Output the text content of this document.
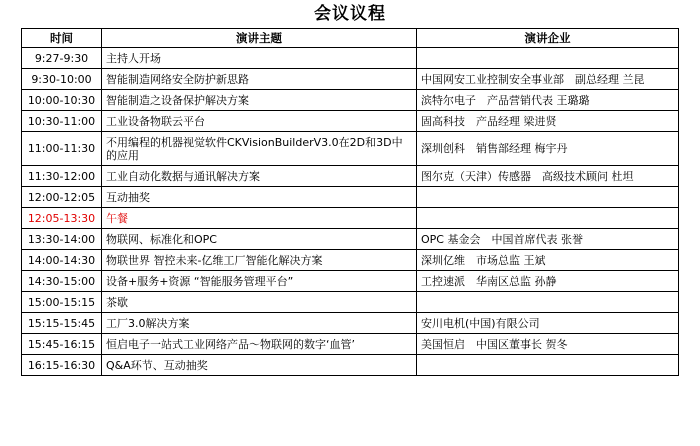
会议议程
时间	演讲主题	演讲企业
9:27-9:30	主持人开场	
9:30-10:00	智能制造网络安全防护新思路	中国网安工业控制安全事业部　副总经理 兰昆
10:00-10:30	智能制造之设备保护解决方案	滨特尔电子　产品营销代表 王璐璐
10:30-11:00	工业设备物联云平台	固高科技　产品经理 梁进贤
11:00-11:30	不用编程的机器视觉软件CKVisionBuilderV3.0在2D和3D中的应用	深圳创科　销售部经理 梅宇丹
11:30-12:00	工业自动化数据与通讯解决方案	图尔克（天津）传感器　高级技术顾问 杜坦
12:00-12:05	互动抽奖	
12:05-13:30	午餐	
13:30-14:00	物联网、标准化和OPC	OPC 基金会　中国首席代表 张誉
14:00-14:30	物联世界 智控未来-亿维工厂智能化解决方案	深圳亿维　市场总监 王斌
14:30-15:00	设备+服务+资源 “智能服务管理平台”	工控速派　华南区总监 孙静
15:00-15:15	茶歇	
15:15-15:45	工厂3.0解决方案	安川电机(中国)有限公司
15:45-16:15	恒启电子一站式工业网络产品～物联网的数字‘血管’	美国恒启　中国区董事长 贺冬
16:15-16:30	Q&A环节、互动抽奖	
